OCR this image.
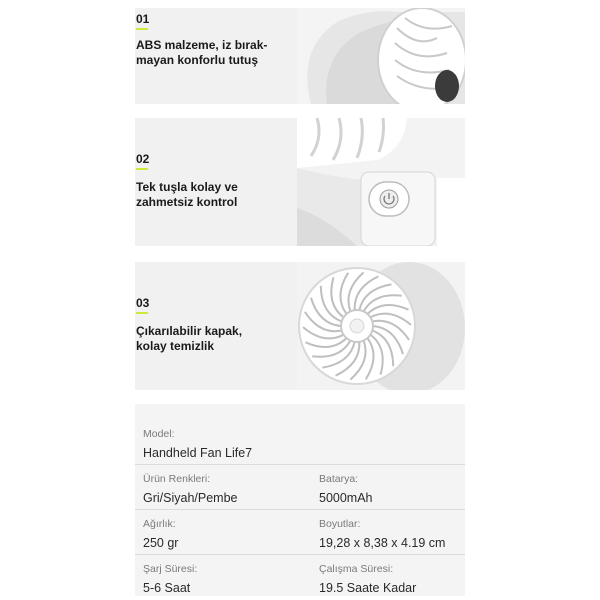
01
ABS malzeme, iz bırak-
mayan konforlu tutuş
02
Tek tuşla kolay ve
zahmetsiz kontrol
03
Çıkarılabilir kapak,
kolay temizlik
Model:
Handheld Fan Life7
Ürün Renkleri:
Gri/Siyah/Pembe
Batarya:
5000mAh
Ağırlık:
250 gr
Boyutlar:
19,28 x 8,38 x 4.19 cm
Şarj Süresi:
5-6 Saat
Çalışma Süresi:
19.5 Saate Kadar
